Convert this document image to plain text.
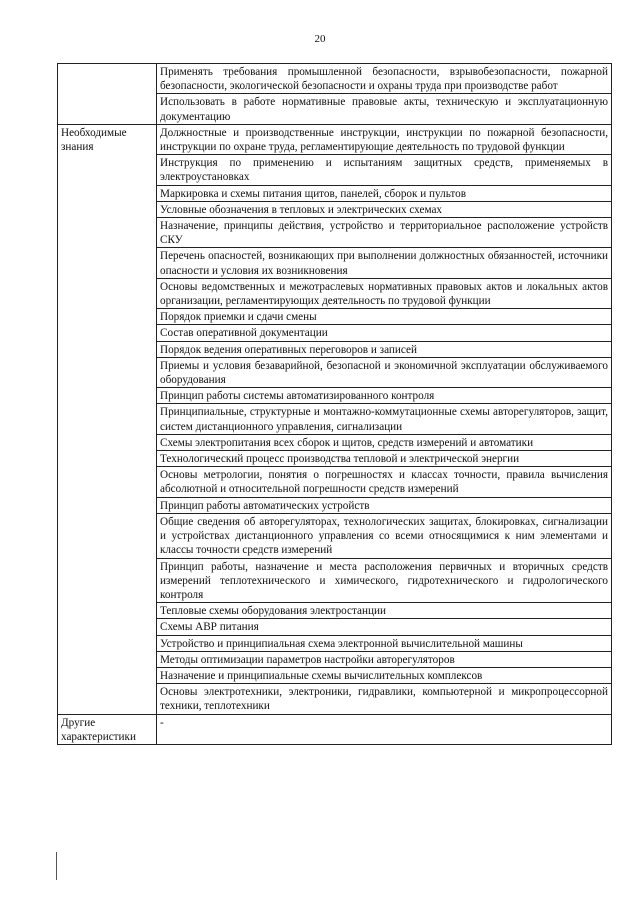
20
	Применять требования промышленной безопасности, взрывобезопасности, пожарной безопасности, экологической безопасности и охраны труда при производстве работ
	Использовать в работе нормативные правовые акты, техническую и эксплуатационную документацию
Необходимые знания	Должностные и производственные инструкции, инструкции по пожарной безопасности, инструкции по охране труда, регламентирующие деятельность по трудовой функции
	Инструкция по применению и испытаниям защитных средств, применяемых в электроустановках
	Маркировка и схемы питания щитов, панелей, сборок и пультов
	Условные обозначения в тепловых и электрических схемах
	Назначение, принципы действия, устройство и территориальное расположение устройств СКУ
	Перечень опасностей, возникающих при выполнении должностных обязанностей, источники опасности и условия их возникновения
	Основы ведомственных и межотраслевых нормативных правовых актов и локальных актов организации, регламентирующих деятельность по трудовой функции
	Порядок приемки и сдачи смены
	Состав оперативной документации
	Порядок ведения оперативных переговоров и записей
	Приемы и условия безаварийной, безопасной и экономичной эксплуатации обслуживаемого оборудования
	Принцип работы системы автоматизированного контроля
	Принципиальные, структурные и монтажно-коммутационные схемы авторегуляторов, защит, систем дистанционного управления, сигнализации
	Схемы электропитания всех сборок и щитов, средств измерений и автоматики
	Технологический процесс производства тепловой и электрической энергии
	Основы метрологии, понятия о погрешностях и классах точности, правила вычисления абсолютной и относительной погрешности средств измерений
	Принцип работы автоматических устройств
	Общие сведения об авторегуляторах, технологических защитах, блокировках, сигнализации и устройствах дистанционного управления со всеми относящимися к ним элементами и классы точности средств измерений
	Принцип работы, назначение и места расположения первичных и вторичных средств измерений теплотехнического и химического, гидротехнического и гидрологического контроля
	Тепловые схемы оборудования электростанции
	Схемы АВР питания
	Устройство и принципиальная схема электронной вычислительной машины
	Методы оптимизации параметров настройки авторегуляторов
	Назначение и принципиальные схемы вычислительных комплексов
	Основы электротехники, электроники, гидравлики, компьютерной и микропроцессорной техники, теплотехники
Другие характеристики	-
